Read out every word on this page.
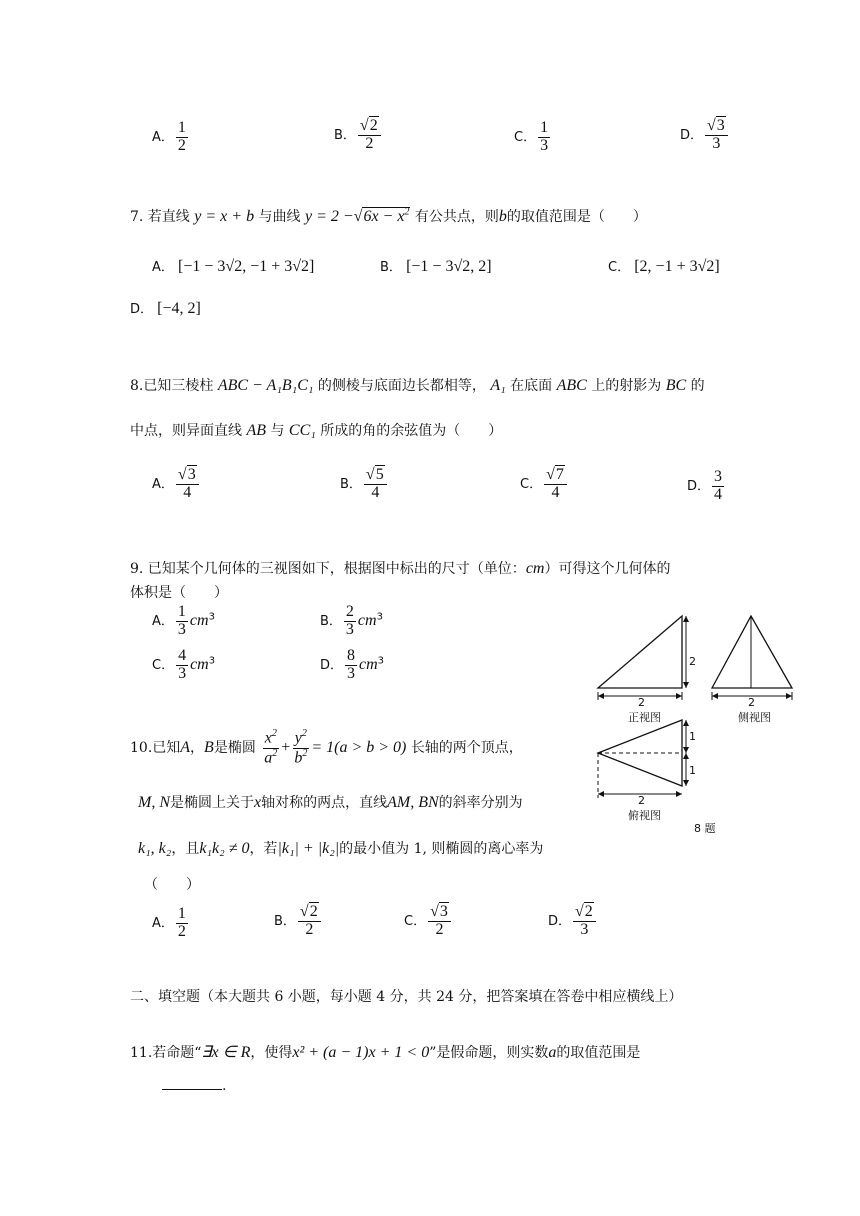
A． $\frac{1}{2}$	B． $\frac{√2}{2}$	C． $\frac{1}{3}$	D． $\frac{√3}{3}$
7. 若直线 y = x + b 与曲线 $y = 2 -√6x - x^2$ 有公共点，则b的取值范围是（　　）
A． [−1 − 3√2, −1 + 3√2]	B． [−1 − 3√2, 2]	C． [2, −1 + 3√2]
D． [−4, 2]
8.已知三棱柱 ABC − A₁B₁C₁ 的侧棱与底面边长都相等， A₁ 在底面 ABC 上的射影为 BC 的
中点，则异面直线 AB 与 CC₁ 所成的角的余弦值为（　　）
A． $\frac{√3}{4}$	B． $\frac{√5}{4}$	C． $\frac{√7}{4}$	D． $\frac{3}{4}$
9. 已知某个几何体的三视图如下，根据图中标出的尺寸（单位：cm）可得这个几何体的
体积是（　　）
A． $\frac{1}{3} cm^3$	B． $\frac{2}{3} cm^3$
C． $\frac{4}{3} cm^3$	D． $\frac{8}{3} cm^3$	2
2
正视图
2
侧视图
1
1
2
俯视图
8 题
10.已知A，B是椭圆 $\frac{x^2}{a^2} + \frac{y^2}{b^2} = 1(a > b > 0)$ 长轴的两个顶点，
M, N是椭圆上关于x轴对称的两点，直线AM, BN的斜率分别为
k₁, k₂，且k₁k₂ ≠ 0，若|k₁| + |k₂|的最小值为 1, 则椭圆的离心率为
（　　）
A． $\frac{1}{2}$	B． $\frac{√2}{2}$	C． $\frac{√3}{2}$	D． $\frac{√2}{3}$
二、填空题（本大题共 6 小题，每小题 4 分，共 24 分，把答案填在答卷中相应横线上）
11.若命题“∃x ∈ R，使得x² + (a − 1)x + 1 < 0”是假命题，则实数a的取值范围是
.
